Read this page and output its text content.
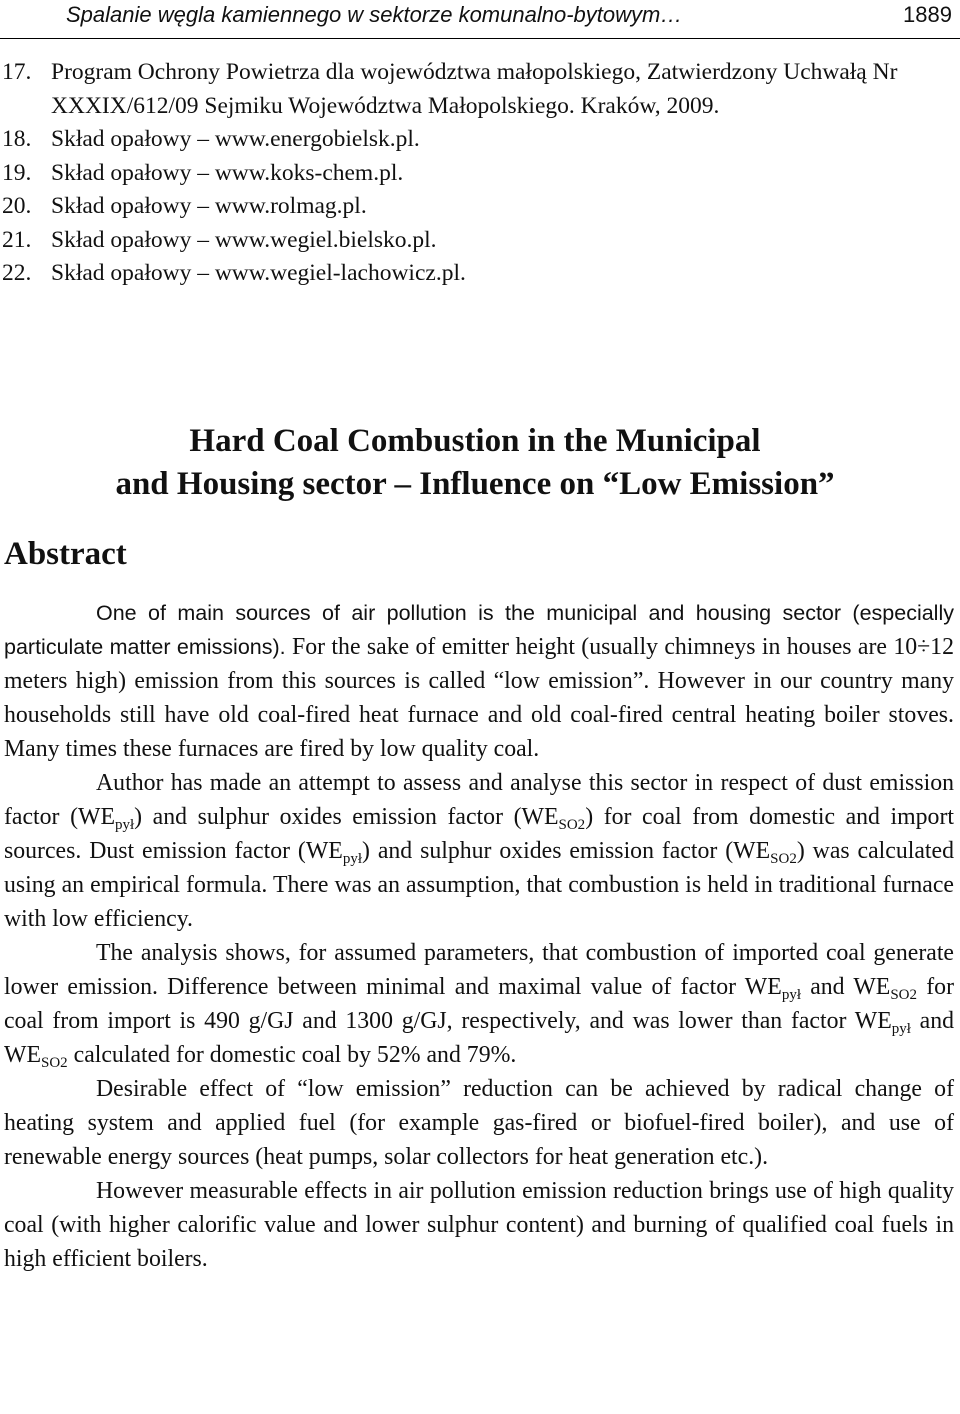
Spalanie węgla kamiennego w sektorze komunalno-bytowym…	1889
17. Program Ochrony Powietrza dla województwa małopolskiego, Zatwierdzony Uchwałą Nr XXXIX/612/09 Sejmiku Województwa Małopolskiego. Kraków, 2009.
18. Skład opałowy – www.energobielsk.pl.
19. Skład opałowy – www.koks-chem.pl.
20. Skład opałowy – www.rolmag.pl.
21. Skład opałowy – www.wegiel.bielsko.pl.
22. Skład opałowy – www.wegiel-lachowicz.pl.
Hard Coal Combustion in the Municipal
and Housing sector – Influence on “Low Emission”
Abstract

One of main sources of air pollution is the municipal and housing sector (especially particulate matter emissions). For the sake of emitter height (usually chimneys in houses are 10÷12 meters high) emission from this sources is called “low emission”. However in our country many households still have old coal-fired heat furnace and old coal-fired central heating boiler stoves. Many times these furnaces are fired by low quality coal.

Author has made an attempt to assess and analyse this sector in respect of dust emission factor $(WE_{pył})$ and sulphur oxides emission factor $(WE_{SO2})$ for coal from domestic and import sources. Dust emission factor $(WE_{pył})$ and sulphur oxides emission factor $(WE_{SO2})$ was calculated using an empirical formula. There was an assumption, that combustion is held in traditional furnace with low efficiency.

The analysis shows, for assumed parameters, that combustion of imported coal generate lower emission. Difference between minimal and maximal value of factor $WE_{pył}$ and $WE_{SO2}$ for coal from import is 490 g/GJ and 1300 g/GJ, respectively, and was lower than factor $WE_{pył}$ and $WE_{SO2}$ calculated for domestic coal by 52% and 79%.

Desirable effect of “low emission” reduction can be achieved by radical change of heating system and applied fuel (for example gas-fired or biofuel-fired boiler), and use of renewable energy sources (heat pumps, solar collectors for heat generation etc.).

However measurable effects in air pollution emission reduction brings use of high quality coal (with higher calorific value and lower sulphur content) and burning of qualified coal fuels in high efficient boilers.
